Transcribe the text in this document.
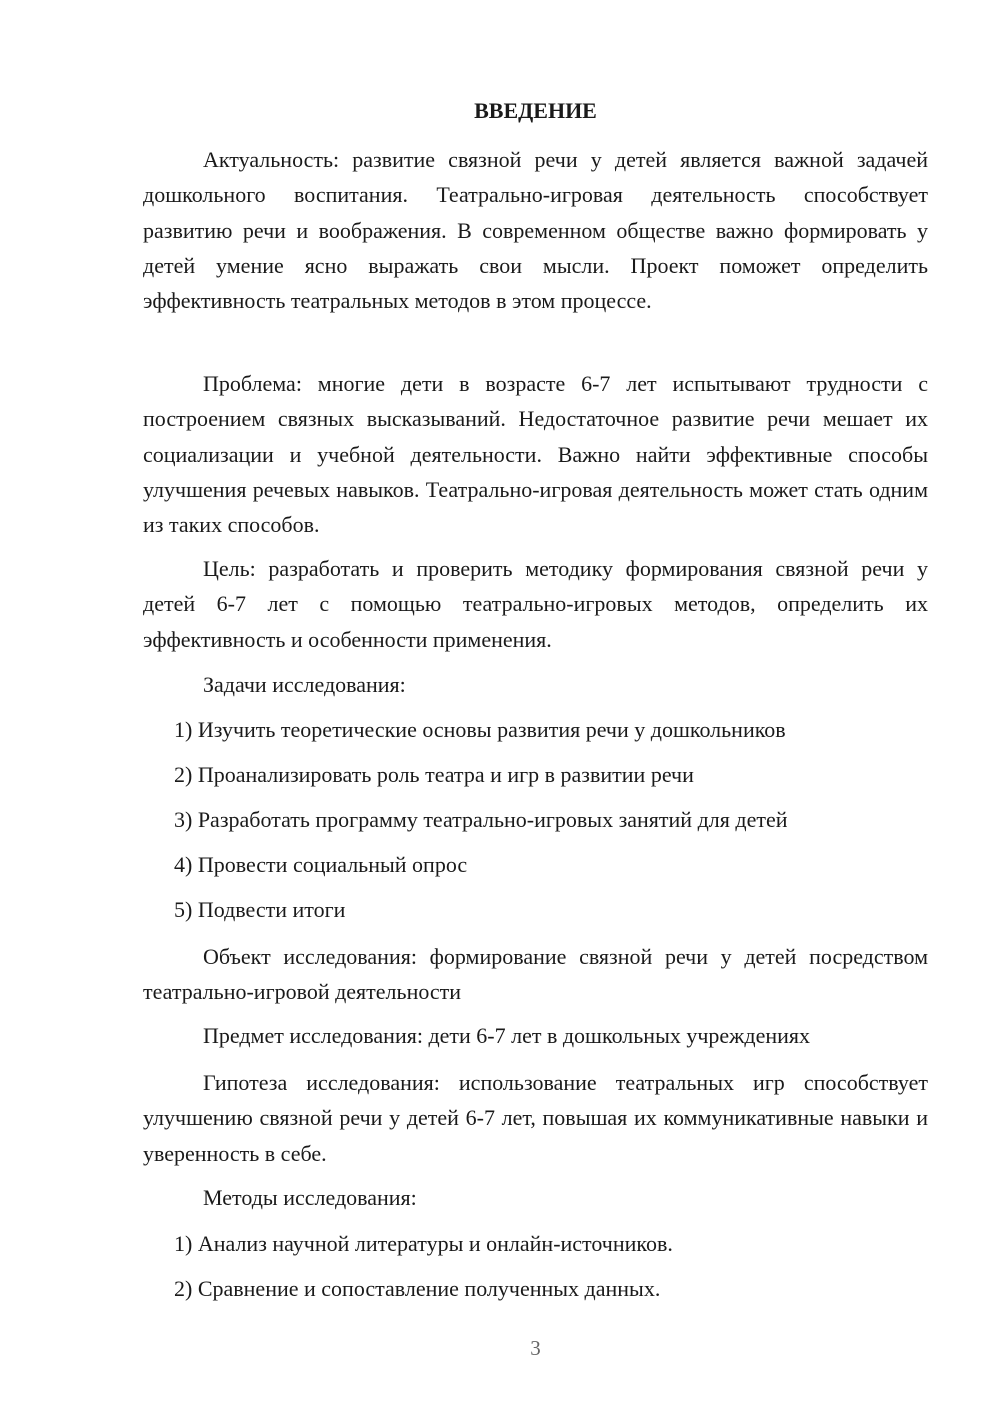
ВВЕДЕНИЕ

Актуальность: развитие связной речи у детей является важной задачей дошкольного воспитания. Театрально-игровая деятельность способствует развитию речи и воображения. В современном обществе важно формировать у детей умение ясно выражать свои мысли. Проект поможет определить эффективность театральных методов в этом процессе.

Проблема: многие дети в возрасте 6-7 лет испытывают трудности с построением связных высказываний. Недостаточное развитие речи мешает их социализации и учебной деятельности. Важно найти эффективные способы улучшения речевых навыков. Театрально-игровая деятельность может стать одним из таких способов.

Цель: разработать и проверить методику формирования связной речи у детей 6-7 лет с помощью театрально-игровых методов, определить их эффективность и особенности применения.

Задачи исследования:
1) Изучить теоретические основы развития речи у дошкольников
2) Проанализировать роль театра и игр в развитии речи
3) Разработать программу театрально-игровых занятий для детей
4) Провести социальный опрос
5) Подвести итоги

Объект исследования: формирование связной речи у детей посредством театрально-игровой деятельности

Предмет исследования: дети 6-7 лет в дошкольных учреждениях

Гипотеза исследования: использование театральных игр способствует улучшению связной речи у детей 6-7 лет, повышая их коммуникативные навыки и уверенность в себе.

Методы исследования:
1) Анализ научной литературы и онлайн-источников.
2) Сравнение и сопоставление полученных данных.
3
